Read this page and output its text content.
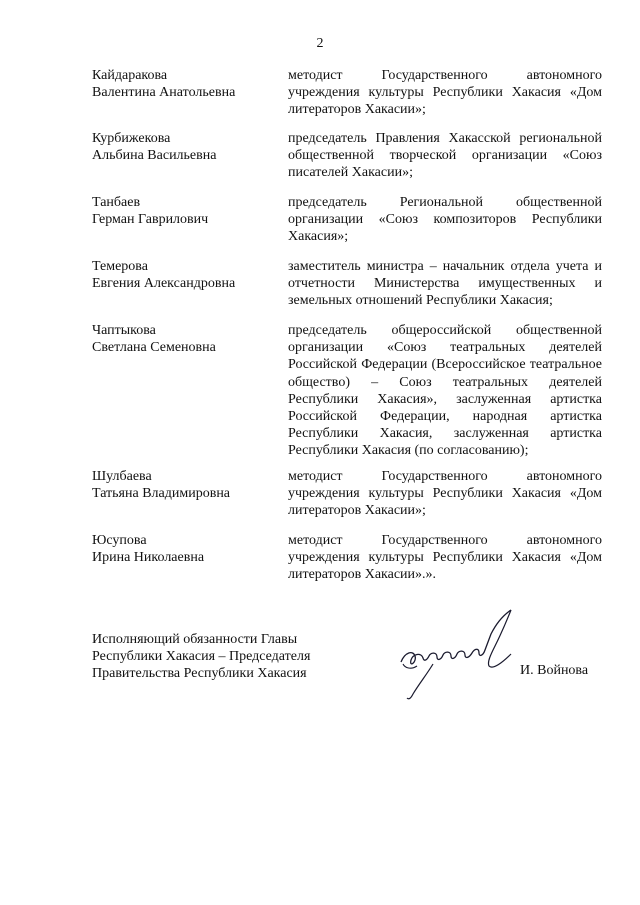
2
Кайдаракова
Валентина Анатольевна
методист Государственного автономного учреждения культуры Республики Хакасия «Дом литераторов Хакасии»;
Курбижекова
Альбина Васильевна
председатель Правления Хакасской региональной общественной творческой организации «Союз писателей Хакасии»;
Танбаев
Герман Гаврилович
председатель Региональной общественной организации «Союз композиторов Республики Хакасия»;
Темерова
Евгения Александровна
заместитель министра – начальник отдела учета и отчетности Министерства имущественных и земельных отношений Республики Хакасия;
Чаптыкова
Светлана Семеновна
председатель общероссийской общественной организации «Союз театральных деятелей Российской Федерации (Всероссийское театральное общество) – Союз театральных деятелей Республики Хакасия», заслуженная артистка Российской Федерации, народная артистка Республики Хакасия, заслуженная артистка Республики Хакасия (по согласованию);
Шулбаева
Татьяна Владимировна
методист Государственного автономного учреждения культуры Республики Хакасия «Дом литераторов Хакасии»;
Юсупова
Ирина Николаевна
методист Государственного автономного учреждения культуры Республики Хакасия «Дом литераторов Хакасии».».
Исполняющий обязанности Главы
Республики Хакасия – Председателя
Правительства Республики Хакасия	И. Войнова
